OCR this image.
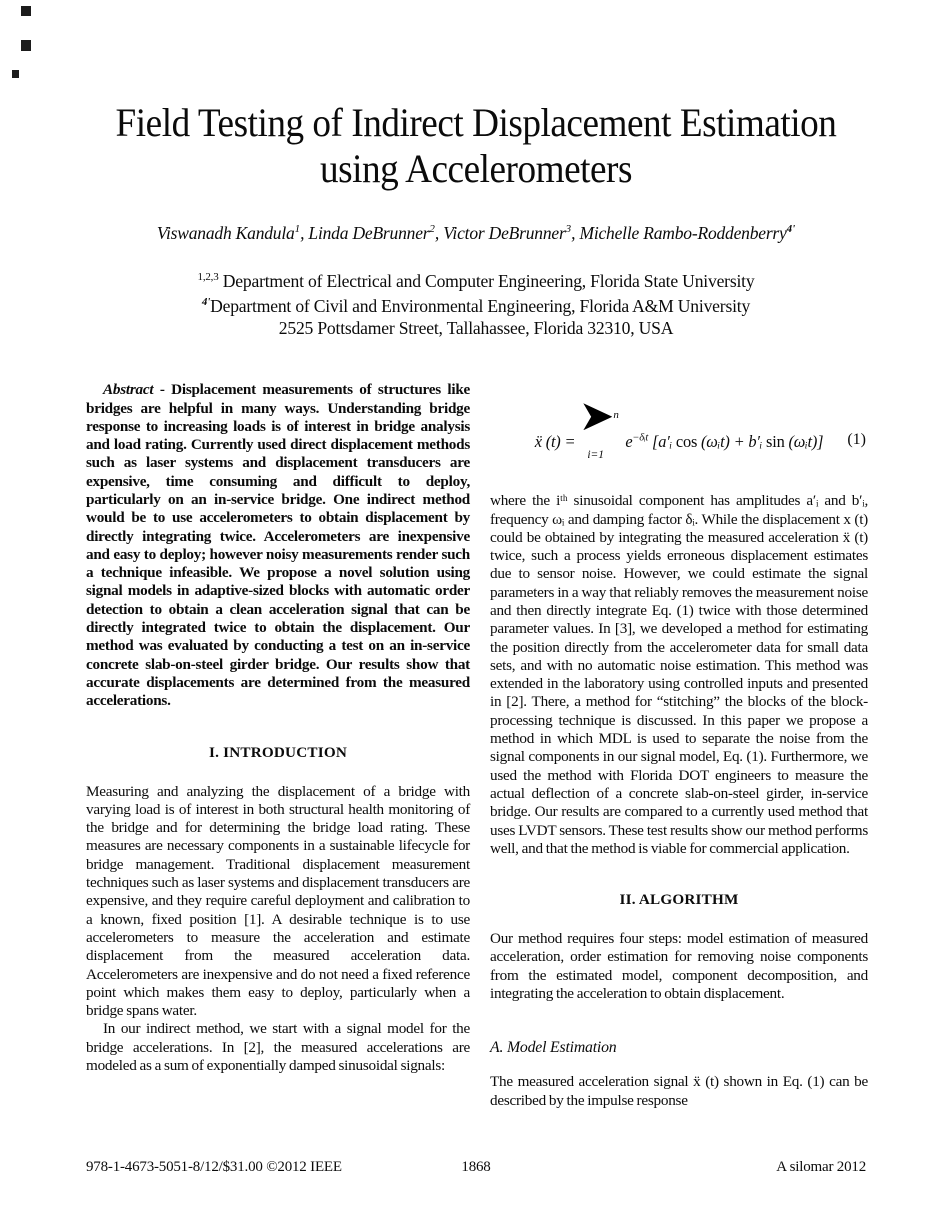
Field Testing of Indirect Displacement Estimation
using Accelerometers
Viswanadh Kandula$^1$, Linda DeBrunner$^2$, Victor DeBrunner$^3$, Michelle Rambo-Roddenberry$^{4'}$
$^{1,2,3}$ Department of Electrical and Computer Engineering, Florida State University
$^{4'}$Department of Civil and Environmental Engineering, Florida A&M University
2525 Pottsdamer Street, Tallahassee, Florida 32310, USA

Abstract - Displacement measurements of structures like bridges are helpful in many ways. Understanding bridge response to increasing loads is of interest in bridge analysis and load rating. Currently used direct displacement methods such as laser systems and displacement transducers are expensive, time consuming and difficult to deploy, particularly on an in-service bridge. One indirect method would be to use accelerometers to obtain displacement by directly integrating twice. Accelerometers are inexpensive and easy to deploy; however noisy measurements render such a technique infeasible. We propose a novel solution using signal models in adaptive-sized blocks with automatic order detection to obtain a clean acceleration signal that can be directly integrated twice to obtain the displacement. Our method was evaluated by conducting a test on an in-service concrete slab-on-steel girder bridge. Our results show that accurate displacements are determined from the measured accelerations.

I. INTRODUCTION

Measuring and analyzing the displacement of a bridge with varying load is of interest in both structural health monitoring of the bridge and for determining the bridge load rating. These measures are necessary components in a sustainable lifecycle for bridge management. Traditional displacement measurement techniques such as laser systems and displacement transducers are expensive, and they require careful deployment and calibration to a known, fixed position [1]. A desirable technique is to use accelerometers to measure the acceleration and estimate displacement from the measured acceleration data. Accelerometers are inexpensive and do not need a fixed reference point which makes them easy to deploy, particularly when a bridge spans water.

In our indirect method, we start with a signal model for the bridge accelerations. In [2], the measured accelerations are modeled as a sum of exponentially damped sinusoidal signals:

ẍ (t) =
n
i=1
$e^{-\delta ᵢt}$ [a′ᵢ cos (ωᵢt) + b′ᵢ sin (ωᵢt)]	(1)

where the iᵗʰ sinusoidal component has amplitudes a′ᵢ and b′ᵢ, frequency ωᵢ and damping factor δᵢ. While the displacement x (t) could be obtained by integrating the measured acceleration ẍ (t) twice, such a process yields erroneous displacement estimates due to sensor noise. However, we could estimate the signal parameters in a way that reliably removes the measurement noise and then directly integrate Eq. (1) twice with those determined parameter values. In [3], we developed a method for estimating the position directly from the accelerometer data for small data sets, and with no automatic noise estimation. This method was extended in the laboratory using controlled inputs and presented in [2]. There, a method for “stitching” the blocks of the block-processing technique is discussed. In this paper we propose a method in which MDL is used to separate the noise from the signal components in our signal model, Eq. (1). Furthermore, we used the method with Florida DOT engineers to measure the actual deflection of a concrete slab-on-steel girder, in-service bridge. Our results are compared to a currently used method that uses LVDT sensors. These test results show our method performs well, and that the method is viable for commercial application.

II. ALGORITHM

Our method requires four steps: model estimation of measured acceleration, order estimation for removing noise components from the estimated model, component decomposition, and integrating the acceleration to obtain displacement.

A. Model Estimation

The measured acceleration signal ẍ (t) shown in Eq. (1) can be described by the impulse response

978-1-4673-5051-8/12/$31.00 ©2012 IEEE	1868	A silomar 2012
